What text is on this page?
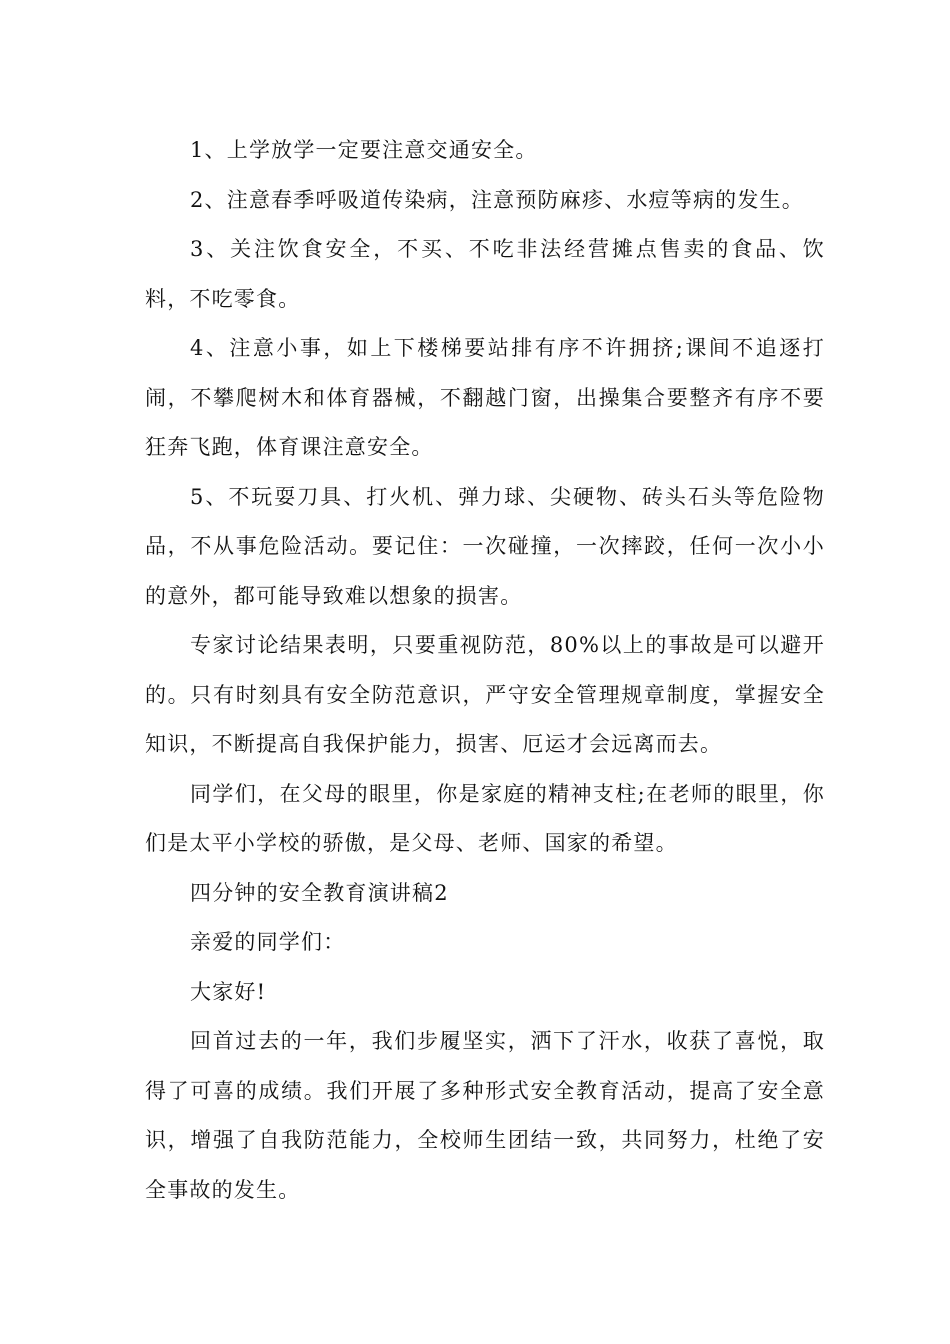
1、上学放学一定要注意交通安全。

2、注意春季呼吸道传染病，注意预防麻疹、水痘等病的发生。

3、关注饮食安全，不买、不吃非法经营摊点售卖的食品、饮料，不吃零食。

4、注意小事，如上下楼梯要站排有序不许拥挤;课间不追逐打闹，不攀爬树木和体育器械，不翻越门窗，出操集合要整齐有序不要狂奔飞跑，体育课注意安全。

5、不玩耍刀具、打火机、弹力球、尖硬物、砖头石头等危险物品，不从事危险活动。要记住：一次碰撞，一次摔跤，任何一次小小的意外，都可能导致难以想象的损害。

专家讨论结果表明，只要重视防范，80%以上的事故是可以避开的。只有时刻具有安全防范意识，严守安全管理规章制度，掌握安全知识，不断提高自我保护能力，损害、厄运才会远离而去。

同学们，在父母的眼里，你是家庭的精神支柱;在老师的眼里，你们是太平小学校的骄傲，是父母、老师、国家的希望。

四分钟的安全教育演讲稿2

亲爱的同学们：

大家好!

回首过去的一年，我们步履坚实，洒下了汗水，收获了喜悦，取得了可喜的成绩。我们开展了多种形式安全教育活动，提高了安全意识，增强了自我防范能力，全校师生团结一致，共同努力，杜绝了安全事故的发生。
